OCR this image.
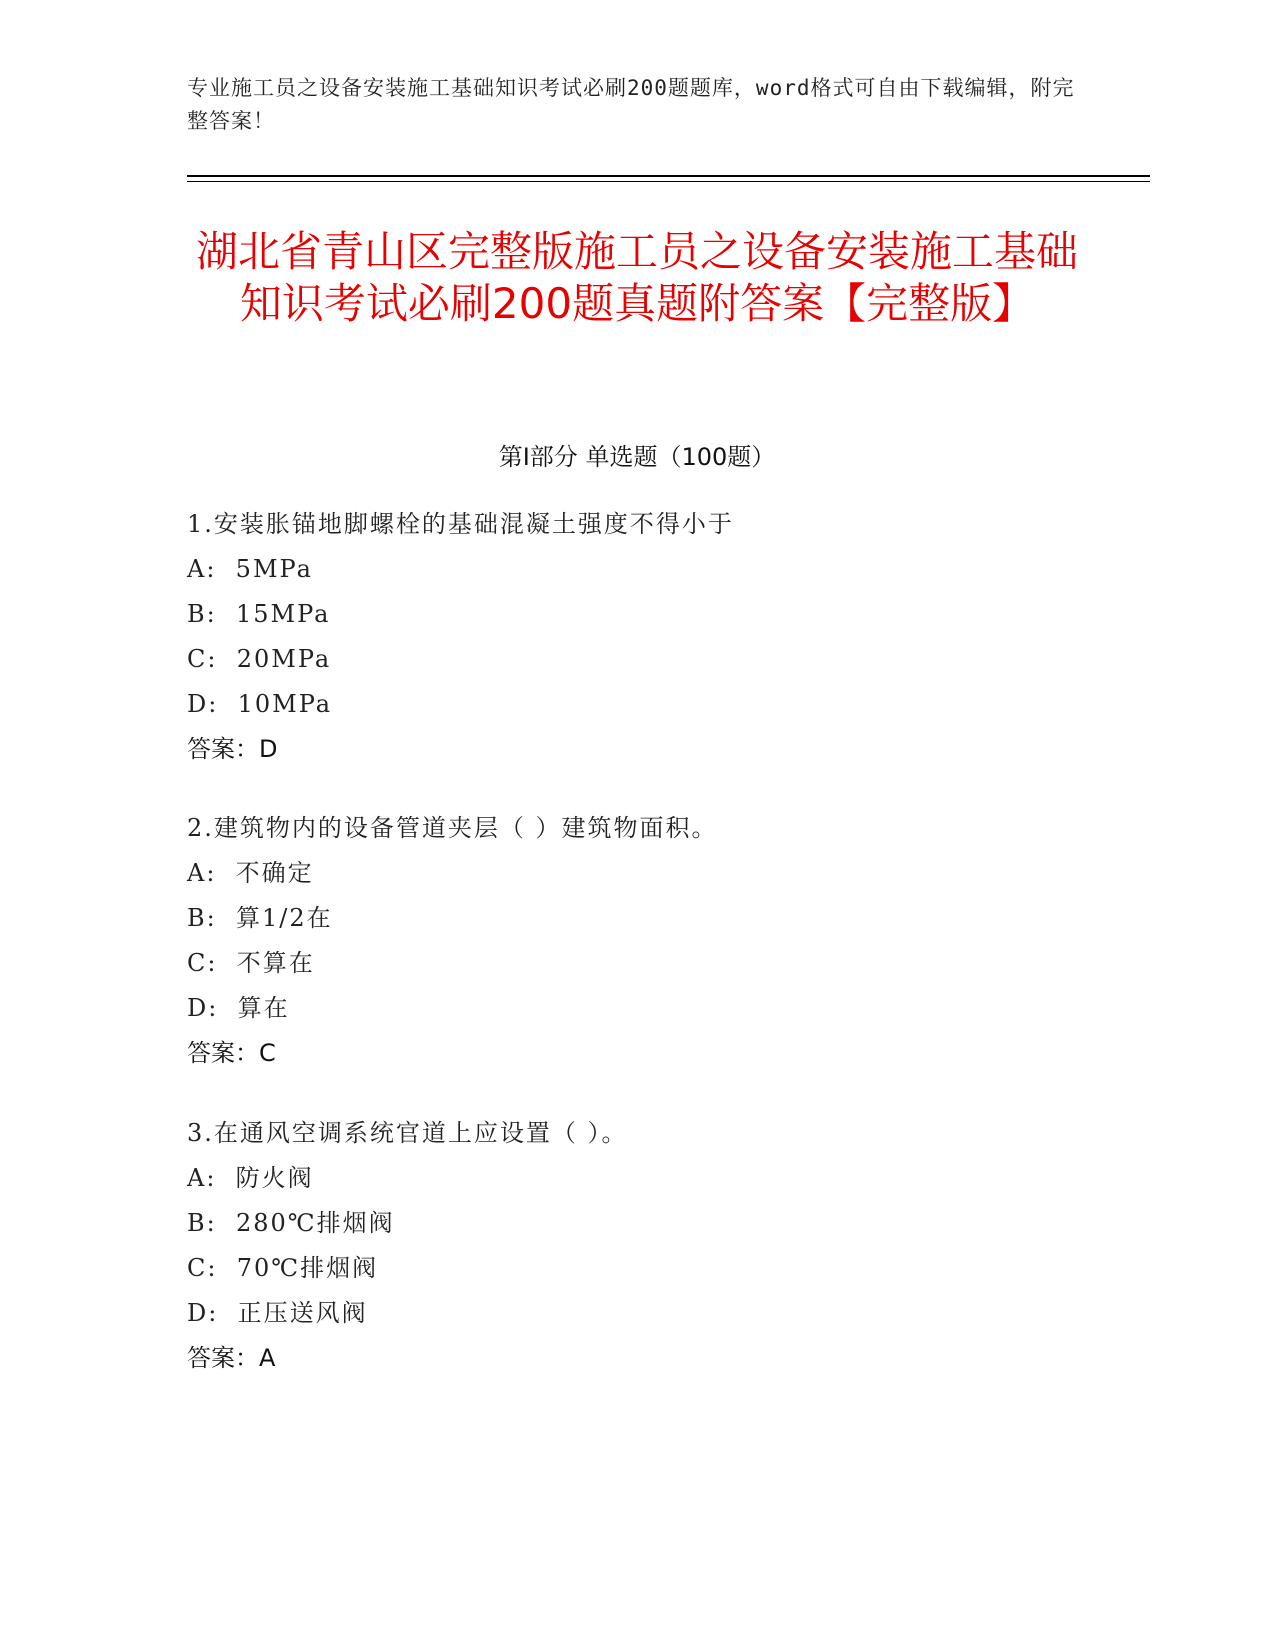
专业施工员之设备安装施工基础知识考试必刷200题题库，word格式可自由下载编辑，附完整答案！
湖北省青山区完整版施工员之设备安装施工基础知识考试必刷200题真题附答案【完整版】
第I部分 单选题（100题）
1.安装胀锚地脚螺栓的基础混凝土强度不得小于
A:  5MPa
B:  15MPa
C:  20MPa
D:  10MPa
答案：D
2.建筑物内的设备管道夹层（ ）建筑物面积。
A:  不确定
B:  算1/2在
C:  不算在
D:  算在
答案：C
3.在通风空调系统官道上应设置（ ）。
A:  防火阀
B:  280℃排烟阀
C:  70℃排烟阀
D:  正压送风阀
答案：A
